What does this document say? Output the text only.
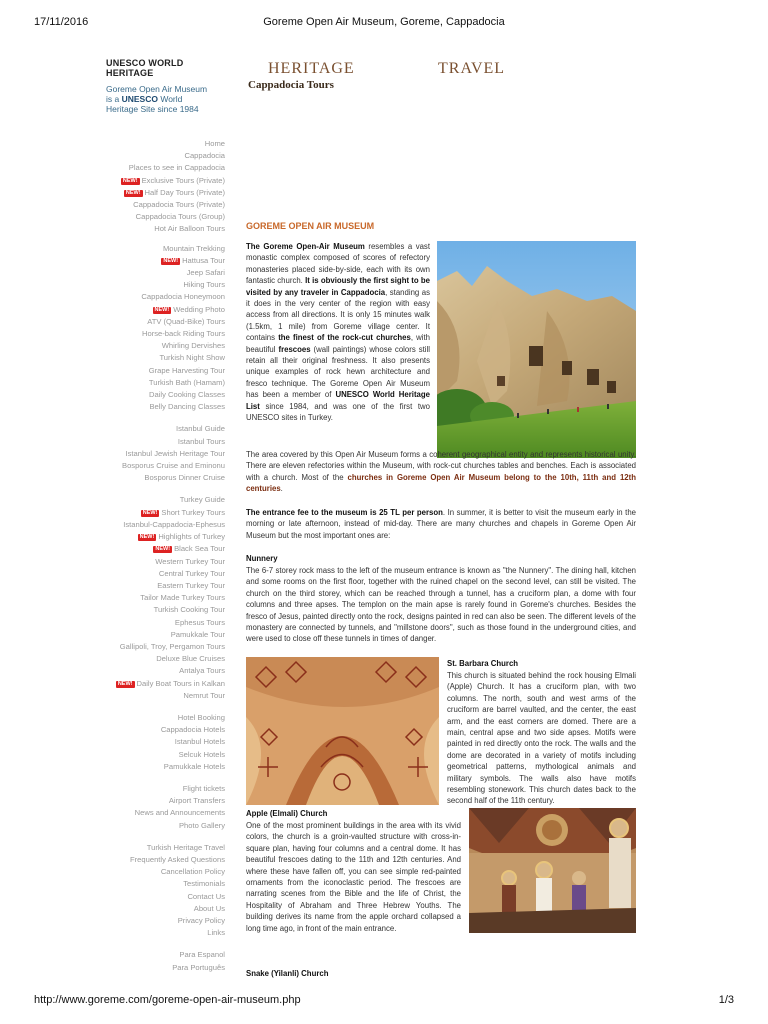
17/11/2016	Goreme Open Air Museum, Goreme, Cappadocia
UNESCO WORLD HERITAGE
Goreme Open Air Museum
is a UNESCO World
Heritage Site since 1984
Home
Cappadocia
Places to see in Cappadocia
NEW! Exclusive Tours (Private)
NEW! Half Day Tours (Private)
Cappadocia Tours (Private)
Cappadocia Tours (Group)
Hot Air Balloon Tours
Mountain Trekking
NEW! Hattusa Tour
Jeep Safari
Hiking Tours
Cappadocia Honeymoon
NEW! Wedding Photo
ATV (Quad-Bike) Tours
Horse-back Riding Tours
Whirling Dervishes
Turkish Night Show
Grape Harvesting Tour
Turkish Bath (Hamam)
Daily Cooking Classes
Belly Dancing Classes
Istanbul Guide
Istanbul Tours
Istanbul Jewish Heritage Tour
Bosporus Cruise and Eminonu
Bosporus Dinner Cruise
Turkey Guide
NEW! Short Turkey Tours
Istanbul-Cappadocia-Ephesus
NEW! Highlights of Turkey
NEW! Black Sea Tour
Western Turkey Tour
Central Turkey Tour
Eastern Turkey Tour
Tailor Made Turkey Tours
Turkish Cooking Tour
Ephesus Tours
Pamukkale Tour
Gallipoli, Troy, Pergamon Tours
Deluxe Blue Cruises
Antalya Tours
NEW! Daily Boat Tours in Kalkan
Nemrut Tour
Hotel Booking
Cappadocia Hotels
Istanbul Hotels
Selcuk Hotels
Pamukkale Hotels
Flight tickets
Airport Transfers
News and Announcements
Photo Gallery
Turkish Heritage Travel
Frequently Asked Questions
Cancellation Policy
Testimonials
Contact Us
About Us
Privacy Policy
Links
Para Espanol
Para Português
HERITAGE	TRAVEL
Cappadocia Tours
GOREME OPEN AIR MUSEUM
The Goreme Open-Air Museum resembles a vast monastic complex composed of scores of refectory monasteries placed side-by-side, each with its own fantastic church. It is obviously the first sight to be visited by any traveler in Cappadocia, standing as it does in the very center of the region with easy access from all directions. It is only 15 minutes walk (1.5km, 1 mile) from Goreme village center. It contains the finest of the rock-cut churches, with beautiful frescoes (wall paintings) whose colors still retain all their original freshness. It also presents unique examples of rock hewn architecture and fresco technique. The Goreme Open Air Museum has been a member of UNESCO World Heritage List since 1984, and was one of the first two UNESCO sites in Turkey.
The area covered by this Open Air Museum forms a coherent geographical entity and represents historical unity. There are eleven refectories within the Museum, with rock-cut churches tables and benches. Each is associated with a church. Most of the churches in Goreme Open Air Museum belong to the 10th, 11th and 12th centuries.
The entrance fee to the museum is 25 TL per person. In summer, it is better to visit the museum early in the morning or late afternoon, instead of mid-day. There are many churches and chapels in Goreme Open Air Museum but the most important ones are:
Nunnery
The 6-7 storey rock mass to the left of the museum entrance is known as "the Nunnery". The dining hall, kitchen and some rooms on the first floor, together with the ruined chapel on the second level, can still be visited. The church on the third storey, which can be reached through a tunnel, has a cruciform plan, a dome with four columns and three apses. The templon on the main apse is rarely found in Goreme's churches. Besides the fresco of Jesus, painted directly onto the rock, designs painted in red can also be seen. The different levels of the monastery are connected by tunnels, and "millstone doors", such as those found in the underground cities, and were used to close off these tunnels in times of danger.
St. Barbara Church
This church is situated behind the rock housing Elmali (Apple) Church. It has a cruciform plan, with two columns. The north, south and west arms of the cruciform are barrel vaulted, and the center, the east arm, and the east corners are domed. There are a main, central apse and two side apses. Motifs were painted in red directly onto the rock. The walls and the dome are decorated in a variety of motifs including geometrical patterns, mythological animals and military symbols. The walls also have motifs resembling stonework. This church dates back to the second half of the 11th century.
Apple (Elmali) Church
One of the most prominent buildings in the area with its vivid colors, the church is a groin-vaulted structure with cross-in-square plan, having four columns and a central dome. It has beautiful frescoes dating to the 11th and 12th centuries. And where these have fallen off, you can see simple red-painted ornaments from the iconoclastic period. The frescoes are narrating scenes from the Bible and the life of Christ, the Hospitality of Abraham and Three Hebrew Youths. The building derives its name from the apple orchard collapsed a long time ago, in front of the main entrance.
Snake (Yilanli) Church
http://www.goreme.com/goreme-open-air-museum.php	1/3
